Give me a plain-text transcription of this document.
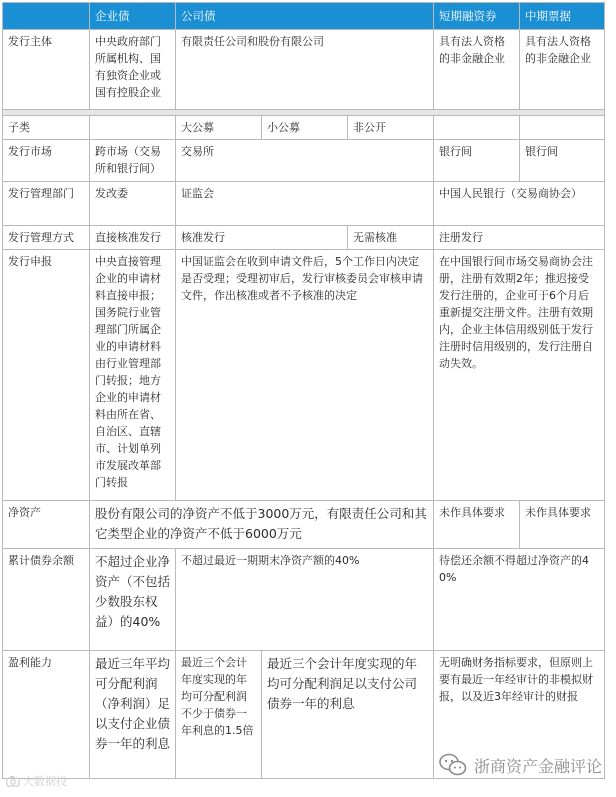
	企业债	公司债			短期融资券	中期票据
发行主体	中央政府部门所属机构、国有独资企业或国有控股企业	有限责任公司和股份有限公司			具有法人资格的非金融企业	具有法人资格的非金融企业

子类		大公募	小公募	非公开		
发行市场	跨市场（交易所和银行间）	交易所			银行间	银行间
发行管理部门	发改委	证监会			中国人民银行（交易商协会）	
发行管理方式	直接核准发行	核准发行		无需核准	注册发行	
发行申报	中央直接管理企业的申请材料直接申报；国务院行业管理部门所属企业的申请材料由行业管理部门转报；地方企业的申请材料由所在省、自治区、直辖市、计划单列市发展改革部门转报	中国证监会在收到申请文件后，5个工作日内决定是否受理；受理初审后，发行审核委员会审核申请文件，作出核准或者不予核准的决定			在中国银行间市场交易商协会注册，注册有效期2年；推迟接受发行注册的，企业可于6个月后重新提交注册文件。注册有效期内，企业主体信用级别低于发行注册时信用级别的，发行注册自动失效。	
净资产	股份有限公司的净资产不低于3000万元，有限责任公司和其它类型企业的净资产不低于6000万元				未作具体要求	未作具体要求
累计债券余额	不超过企业净资产（不包括少数股东权益）的40%	不超过最近一期期末净资产额的40%			待偿还余额不得超过净资产的40%	
盈利能力	最近三年平均可分配利润（净利润）足以支付企业债券一年的利息	最近三个会计年度实现的年均可分配利润不少于债券一年利息的1.5倍	最近三个会计年度实现的年均可分配利润足以支付公司债券一年的利息		无明确财务指标要求，但原则上要有最近一年经审计的非模拟财报，以及近3年经审计的财报	
大数据投
浙商资产金融评论
